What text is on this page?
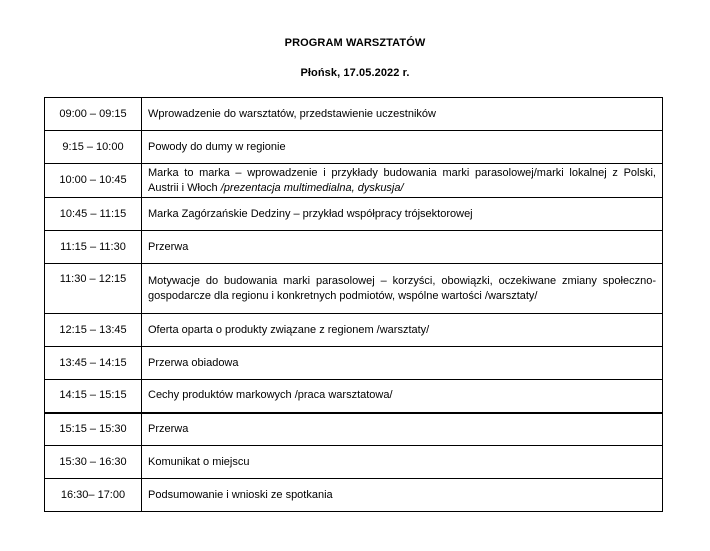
PROGRAM WARSZTATÓW
Płońsk, 17.05.2022 r.
09:00 – 09:15	Wprowadzenie do warsztatów, przedstawienie uczestników
9:15 – 10:00	Powody do dumy w regionie
10:00 – 10:45	Marka to marka – wprowadzenie i przykłady budowania marki parasolowej/marki lokalnej z Polski, Austrii i Włoch /prezentacja multimedialna, dyskusja/
10:45 – 11:15	Marka Zagórzańskie Dedziny – przykład współpracy trójsektorowej
11:15 – 11:30	Przerwa
11:30 – 12:15	Motywacje do budowania marki parasolowej – korzyści, obowiązki, oczekiwane zmiany społeczno-gospodarcze dla regionu i konkretnych podmiotów, wspólne wartości /warsztaty/
12:15 – 13:45	Oferta oparta o produkty związane z regionem /warsztaty/
13:45 – 14:15	Przerwa obiadowa
14:15 – 15:15	Cechy produktów markowych /praca warsztatowa/
15:15 – 15:30	Przerwa
15:30 – 16:30	Komunikat o miejscu
16:30– 17:00	Podsumowanie i wnioski ze spotkania
